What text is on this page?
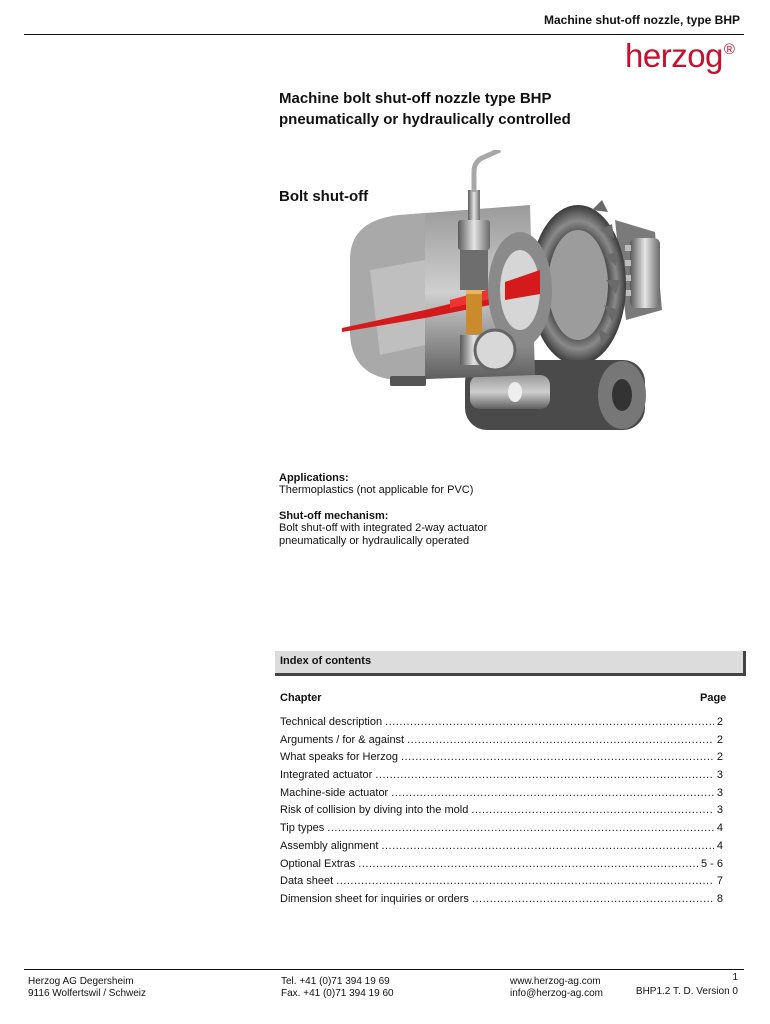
Machine shut-off nozzle, type BHP
herzog®
Machine bolt shut-off nozzle type BHP
pneumatically or hydraulically controlled
Bolt shut-off
Applications:
Thermoplastics (not applicable for PVC)
Shut-off mechanism:
Bolt shut-off with integrated 2-way actuator
pneumatically or hydraulically operated
Index of contents
Chapter	Page
Technical description .....	2
Arguments / for & against .....	2
What speaks for Herzog .....	2
Integrated actuator .....	3
Machine-side actuator .....	3
Risk of collision by diving into the mold .....	3
Tip types .....	4
Assembly alignment .....	4
Optional Extras .....	5 - 6
Data sheet .....	7
Dimension sheet for inquiries or orders .....	8
Herzog AG Degersheim
9116 Wolfertswil / Schweiz
Tel. +41 (0)71 394 19 69
Fax. +41 (0)71 394 19 60
www.herzog-ag.com
info@herzog-ag.com
1
BHP1.2 T. D. Version 0
